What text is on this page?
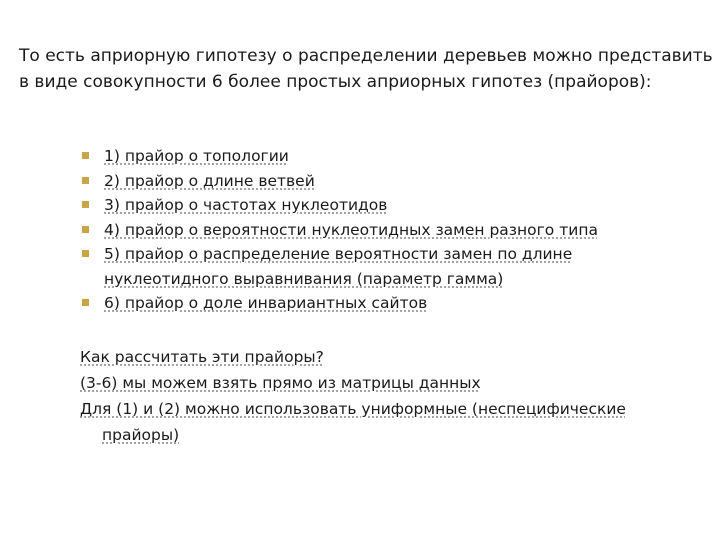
То есть априорную гипотезу о распределении деревьев можно представить в виде совокупности 6 более простых априорных гипотез (прайоров):

1) прайор о топологии
2) прайор о длине ветвей
3) прайор о частотах нуклеотидов
4) прайор о вероятности нуклеотидных замен разного типа
5) прайор о распределение вероятности замен по длине нуклеотидного выравнивания (параметр гамма)
6) прайор о доле инвариантных сайтов

Как рассчитать эти прайоры?

(3-6) мы можем взять прямо из матрицы данных

Для (1) и (2) можно использовать униформные (неспецифические прайоры)
